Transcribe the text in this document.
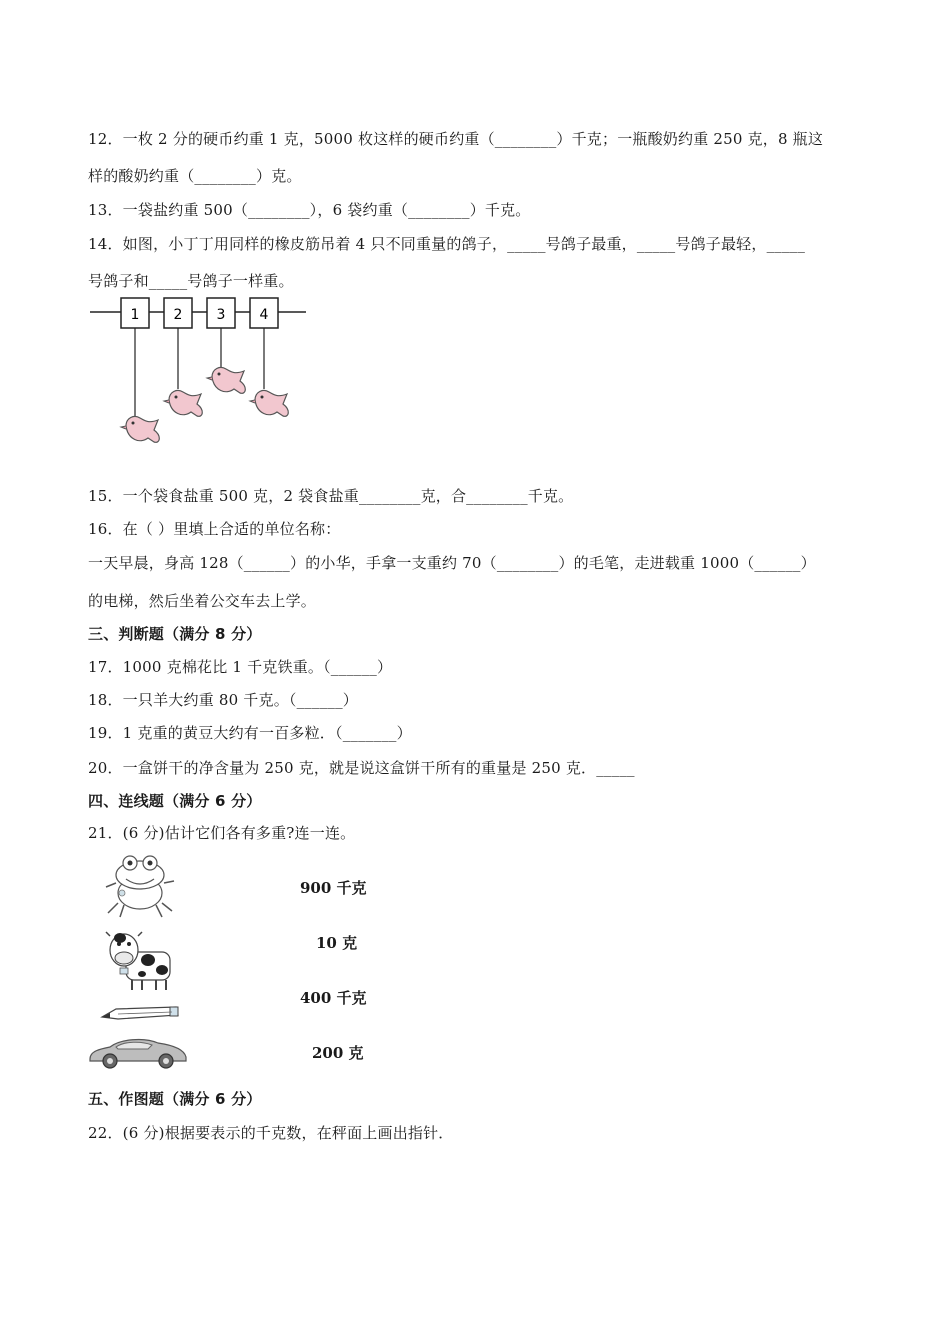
12．一枚 2 分的硬币约重 1 克，5000 枚这样的硬币约重（________）千克；一瓶酸奶约重 250 克，8 瓶这
样的酸奶约重（________）克。
13．一袋盐约重 500（________），6 袋约重（________）千克。
14．如图，小丁丁用同样的橡皮筋吊着 4 只不同重量的鸽子，_____号鸽子最重，_____号鸽子最轻，_____
号鸽子和_____号鸽子一样重。
1 2 3 4
15．一个袋食盐重 500 克，2 袋食盐重________克，合________千克。
16．在（ ）里填上合适的单位名称：
一天早晨，身高 128（______）的小华，手拿一支重约 70（________）的毛笔，走进载重 1000（______）
的电梯，然后坐着公交车去上学。
三、判断题（满分 8 分）
17．1000 克棉花比 1 千克铁重。（______）
18．一只羊大约重 80 千克。（______）
19．1 克重的黄豆大约有一百多粒．（_______）
20．一盒饼干的净含量为 250 克，就是说这盒饼干所有的重量是 250 克．_____
四、连线题（满分 6 分）
21．(6 分)估计它们各有多重?连一连。
900 千克
10 克
400 千克
200 克
五、作图题（满分 6 分）
22．(6 分)根据要表示的千克数，在秤面上画出指针．
